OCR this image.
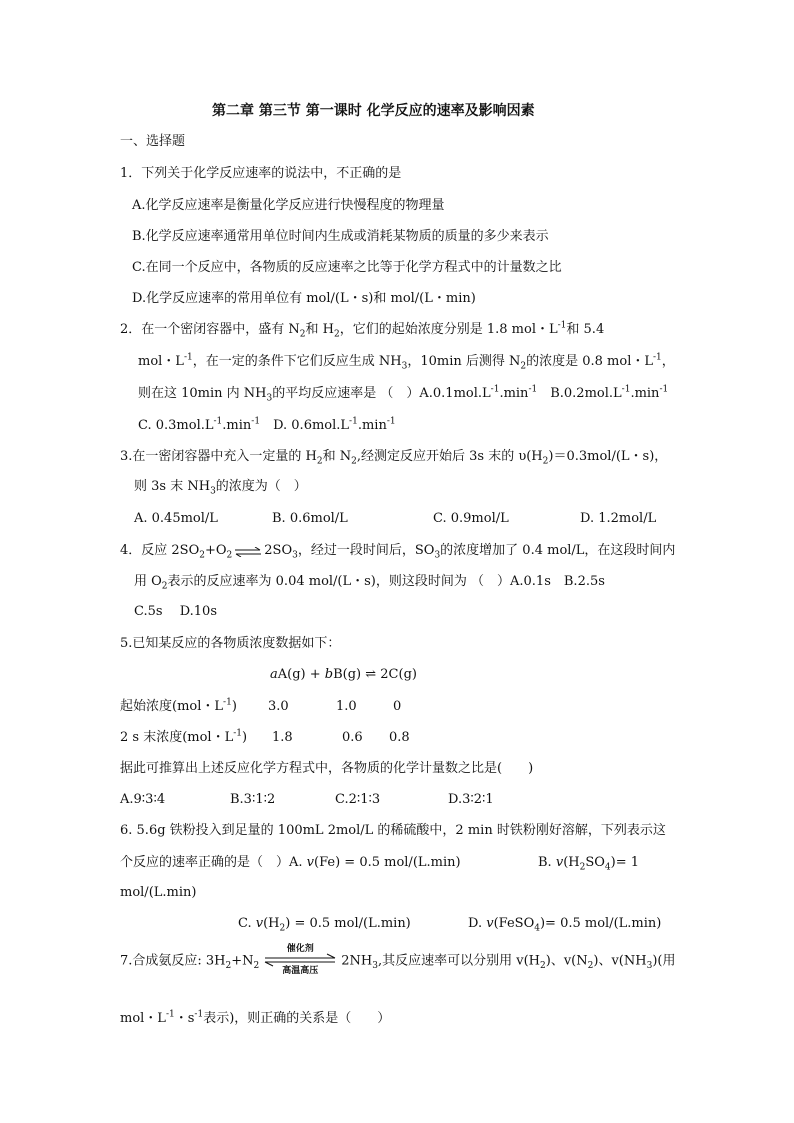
第二章 第三节 第一课时 化学反应的速率及影响因素
一、选择题
1．下列关于化学反应速率的说法中，不正确的是
A.化学反应速率是衡量化学反应进行快慢程度的物理量
B.化学反应速率通常用单位时间内生成或消耗某物质的质量的多少来表示
C.在同一个反应中，各物质的反应速率之比等于化学方程式中的计量数之比
D.化学反应速率的常用单位有 mol/(L・s)和 mol/(L・min)
2．在一个密闭容器中，盛有 $N_2$和 $H_2$，它们的起始浓度分别是 1.8 mol・$L^{-1}$和 5.4
mol・$L^{-1}$，在一定的条件下它们反应生成 $NH_3$，10min 后测得 $N_2$的浓度是 0.8 mol・$L^{-1}$，
则在这 10min 内 $NH_3$的平均反应速率是 （　）$A.0.1mol.L^{-1}.\min^{-1}$　$B.0.2mol.L^{-1}.\min^{-1}$
C. $0.3mol.L^{-1}.\min^{-1}$　D. $0.6mol.L^{-1}.\min^{-1}$
3.在一密闭容器中充入一定量的 $H_2$和 $N_2$,经测定反应开始后 3s 末的 $\upsilon(H_2)=0.3mol/(L$・s)，
则 3s 末 $NH_3$的浓度为（　）
A. 0.45mol/L	B. 0.6mol/L	C. 0.9mol/L	D. 1.2mol/L
4．反应 $2SO_2+O_2$ ⇌ $2SO_3$，经过一段时间后，$SO_3$的浓度增加了 0.4 mol/L，在这段时间内
用 $O_2$表示的反应速率为 0.04 mol/(L・s)，则这段时间为 （　）A.0.1s　B.2.5s
C.5s　 D.10s
5.已知某反应的各物质浓度数据如下：
aA(g) + bB(g) ⇌ 2C(g)
起始浓度(mol・$L^{-1}$) 3.0	1.0	0
2 s 末浓度(mol・$L^{-1}$) 1.8	0.6 0.8
据此可推算出上述反应化学方程式中，各物质的化学计量数之比是(　　)
A.9∶3∶4	B.3∶1∶2	C.2∶1∶3	D.3∶2∶1
6. 5.6g 铁粉投入到足量的 100mL 2mol/L 的稀硫酸中，2 min 时铁粉刚好溶解，下列表示这
个反应的速率正确的是（　）A. v(Fe) = 0.5 mol/(L.min)	B. $v(H_2SO_4)= 1$
mol/(L.min)
C. $v(H_2) = 0.5$ mol/(L.min)	D. v(FeSO$_4$)= 0.5 mol/(L.min)
7.合成氨反应: $3H_2+N_2$
催化剂
高温高压
$2NH_3$,其反应速率可以分别用 $v(H_2)$、$v(N_2)$、$v(NH_3)$(用
mol・$L^{-1}$・$s^{-1}$表示)，则正确的关系是（　　）
